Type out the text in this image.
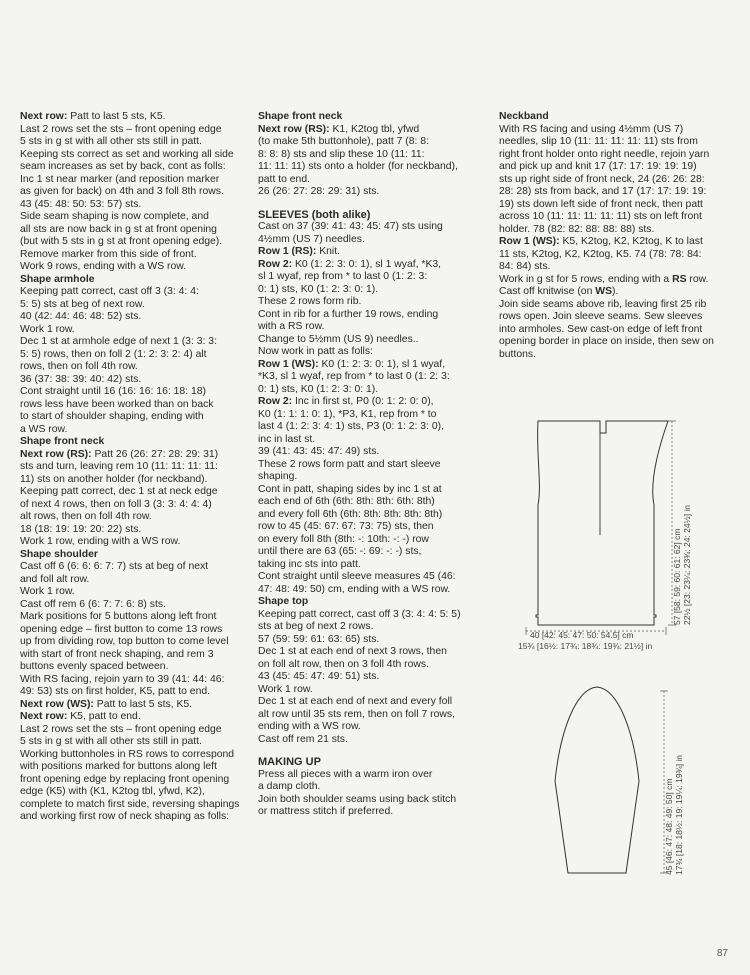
Next row: Patt to last 5 sts, K5.
Last 2 rows set the sts – front opening edge
5 sts in g st with all other sts still in patt.
Keeping sts correct as set and working all side
seam increases as set by back, cont as folls:
Inc 1 st near marker (and reposition marker
as given for back) on 4th and 3 foll 8th rows.
43 (45: 48: 50: 53: 57) sts.
Side seam shaping is now complete, and
all sts are now back in g st at front opening
(but with 5 sts in g st at front opening edge).
Remove marker from this side of front.
Work 9 rows, ending with a WS row.
Shape armhole
Keeping patt correct, cast off 3 (3: 4: 4:
5: 5) sts at beg of next row.
40 (42: 44: 46: 48: 52) sts.
Work 1 row.
Dec 1 st at armhole edge of next 1 (3: 3: 3:
5: 5) rows, then on foll 2 (1: 2: 3: 2: 4) alt
rows, then on foll 4th row.
36 (37: 38: 39: 40: 42) sts.
Cont straight until 16 (16: 16: 16: 18: 18)
rows less have been worked than on back
to start of shoulder shaping, ending with
a WS row.
Shape front neck
Next row (RS): Patt 26 (26: 27: 28: 29: 31)
sts and turn, leaving rem 10 (11: 11: 11: 11:
11) sts on another holder (for neckband).
Keeping patt correct, dec 1 st at neck edge
of next 4 rows, then on foll 3 (3: 3: 4: 4: 4)
alt rows, then on foll 4th row.
18 (18: 19: 19: 20: 22) sts.
Work 1 row, ending with a WS row.
Shape shoulder
Cast off 6 (6: 6: 6: 7: 7) sts at beg of next
and foll alt row.
Work 1 row.
Cast off rem 6 (6: 7: 7: 6: 8) sts.
Mark positions for 5 buttons along left front
opening edge – first button to come 13 rows
up from dividing row, top button to come level
with start of front neck shaping, and rem 3
buttons evenly spaced between.
With RS facing, rejoin yarn to 39 (41: 44: 46:
49: 53) sts on first holder, K5, patt to end.
Next row (WS): Patt to last 5 sts, K5.
Next row: K5, patt to end.
Last 2 rows set the sts – front opening edge
5 sts in g st with all other sts still in patt.
Working buttonholes in RS rows to correspond
with positions marked for buttons along left
front opening edge by replacing front opening
edge (K5) with (K1, K2tog tbl, yfwd, K2),
complete to match first side, reversing shapings
and working first row of neck shaping as folls:
Shape front neck
Next row (RS): K1, K2tog tbl, yfwd
(to make 5th buttonhole), patt 7 (8: 8:
8: 8: 8) sts and slip these 10 (11: 11:
11: 11: 11) sts onto a holder (for neckband),
patt to end.
26 (26: 27: 28: 29: 31) sts.
SLEEVES (both alike)
Cast on 37 (39: 41: 43: 45: 47) sts using
4½mm (US 7) needles.
Row 1 (RS): Knit.
Row 2: K0 (1: 2: 3: 0: 1), sl 1 wyaf, *K3,
sl 1 wyaf, rep from * to last 0 (1: 2: 3:
0: 1) sts, K0 (1: 2: 3: 0: 1).
These 2 rows form rib.
Cont in rib for a further 19 rows, ending
with a RS row.
Change to 5½mm (US 9) needles..
Now work in patt as folls:
Row 1 (WS): K0 (1: 2: 3: 0: 1), sl 1 wyaf,
*K3, sl 1 wyaf, rep from * to last 0 (1: 2: 3:
0: 1) sts, K0 (1: 2: 3: 0: 1).
Row 2: Inc in first st, P0 (0: 1: 2: 0: 0),
K0 (1: 1: 1: 0: 1), *P3, K1, rep from * to
last 4 (1: 2: 3: 4: 1) sts, P3 (0: 1: 2: 3: 0),
inc in last st.
39 (41: 43: 45: 47: 49) sts.
These 2 rows form patt and start sleeve
shaping.
Cont in patt, shaping sides by inc 1 st at
each end of 6th (6th: 8th: 8th: 6th: 8th)
and every foll 6th (6th: 8th: 8th: 8th: 8th)
row to 45 (45: 67: 67: 73: 75) sts, then
on every foll 8th (8th: -: 10th: -: -) row
until there are 63 (65: -: 69: -: -) sts,
taking inc sts into patt.
Cont straight until sleeve measures 45 (46:
47: 48: 49: 50) cm, ending with a WS row.
Shape top
Keeping patt correct, cast off 3 (3: 4: 4: 5: 5)
sts at beg of next 2 rows.
57 (59: 59: 61: 63: 65) sts.
Dec 1 st at each end of next 3 rows, then
on foll alt row, then on 3 foll 4th rows.
43 (45: 45: 47: 49: 51) sts.
Work 1 row.
Dec 1 st at each end of next and every foll
alt row until 35 sts rem, then on foll 7 rows,
ending with a WS row.
Cast off rem 21 sts.
MAKING UP
Press all pieces with a warm iron over
a damp cloth.
Join both shoulder seams using back stitch
or mattress stitch if preferred.
Neckband
With RS facing and using 4½mm (US 7)
needles, slip 10 (11: 11: 11: 11: 11) sts from
right front holder onto right needle, rejoin yarn
and pick up and knit 17 (17: 17: 19: 19: 19)
sts up right side of front neck, 24 (26: 26: 28:
28: 28) sts from back, and 17 (17: 17: 19: 19:
19) sts down left side of front neck, then patt
across 10 (11: 11: 11: 11: 11) sts on left front
holder. 78 (82: 82: 88: 88: 88) sts.
Row 1 (WS): K5, K2tog, K2, K2tog, K to last
11 sts, K2tog, K2, K2tog, K5. 74 (78: 78: 84:
84: 84) sts.
Work in g st for 5 rows, ending with a RS row.
Cast off knitwise (on WS).
Join side seams above rib, leaving first 25 rib
rows open. Join sleeve seams. Sew sleeves
into armholes. Sew cast-on edge of left front
opening border in place on inside, then sew on
buttons.
57 [58: 59: 60: 61: 62] cm 22½ [23: 23¼: 23¾: 24: 24½] in
40 [42: 45: 47: 50: 54.5] cm
15¾ [16½: 17¾: 18¾: 19¾: 21½] in
45 [46: 47: 48: 49: 50] cm 17¾ [18: 18½: 19: 19¼: 19¾] in
87
